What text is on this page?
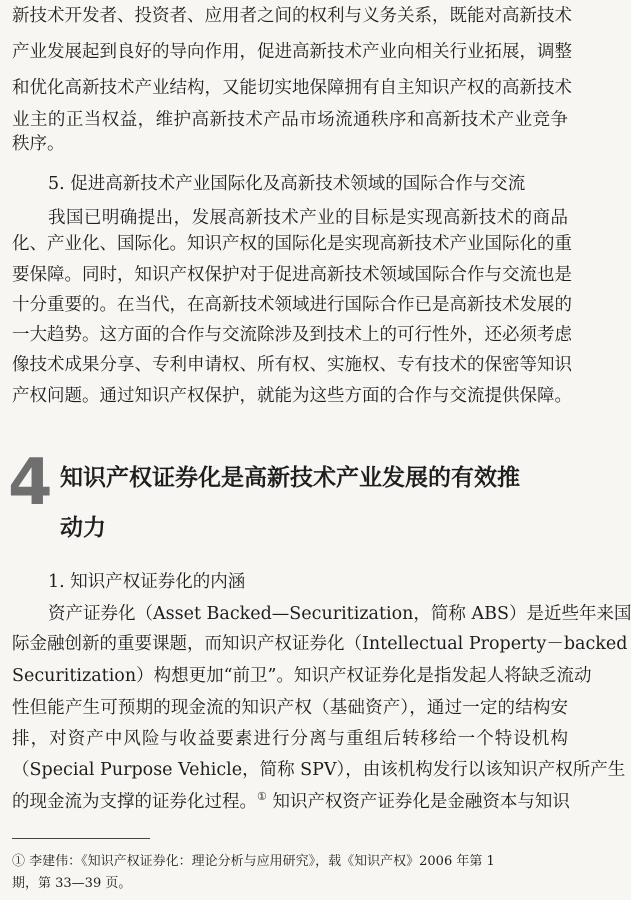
新技术开发者、投资者、应用者之间的权利与义务关系，既能对高新技术
产业发展起到良好的导向作用，促进高新技术产业向相关行业拓展，调整
和优化高新技术产业结构，又能切实地保障拥有自主知识产权的高新技术
业主的正当权益，维护高新技术产品市场流通秩序和高新技术产业竞争
秩序。
5. 促进高新技术产业国际化及高新技术领域的国际合作与交流
我国已明确提出，发展高新技术产业的目标是实现高新技术的商品
化、产业化、国际化。知识产权的国际化是实现高新技术产业国际化的重
要保障。同时，知识产权保护对于促进高新技术领域国际合作与交流也是
十分重要的。在当代，在高新技术领域进行国际合作已是高新技术发展的
一大趋势。这方面的合作与交流除涉及到技术上的可行性外，还必须考虑
像技术成果分享、专利申请权、所有权、实施权、专有技术的保密等知识
产权问题。通过知识产权保护，就能为这些方面的合作与交流提供保障。
4 知识产权证券化是高新技术产业发展的有效推
动力
1. 知识产权证券化的内涵
资产证券化（Asset Backed—Securitization，简称 ABS）是近些年来国
际金融创新的重要课题，而知识产权证券化（Intellectual Property－backed
Securitization）构想更加“前卫”。知识产权证券化是指发起人将缺乏流动
性但能产生可预期的现金流的知识产权（基础资产），通过一定的结构安
排，对资产中风险与收益要素进行分离与重组后转移给一个特设机构
（Special Purpose Vehicle，简称 SPV），由该机构发行以该知识产权所产生
的现金流为支撑的证券化过程。① 知识产权资产证券化是金融资本与知识
① 李建伟：《知识产权证券化：理论分析与应用研究》，载《知识产权》2006 年第 1
期，第 33—39 页。
